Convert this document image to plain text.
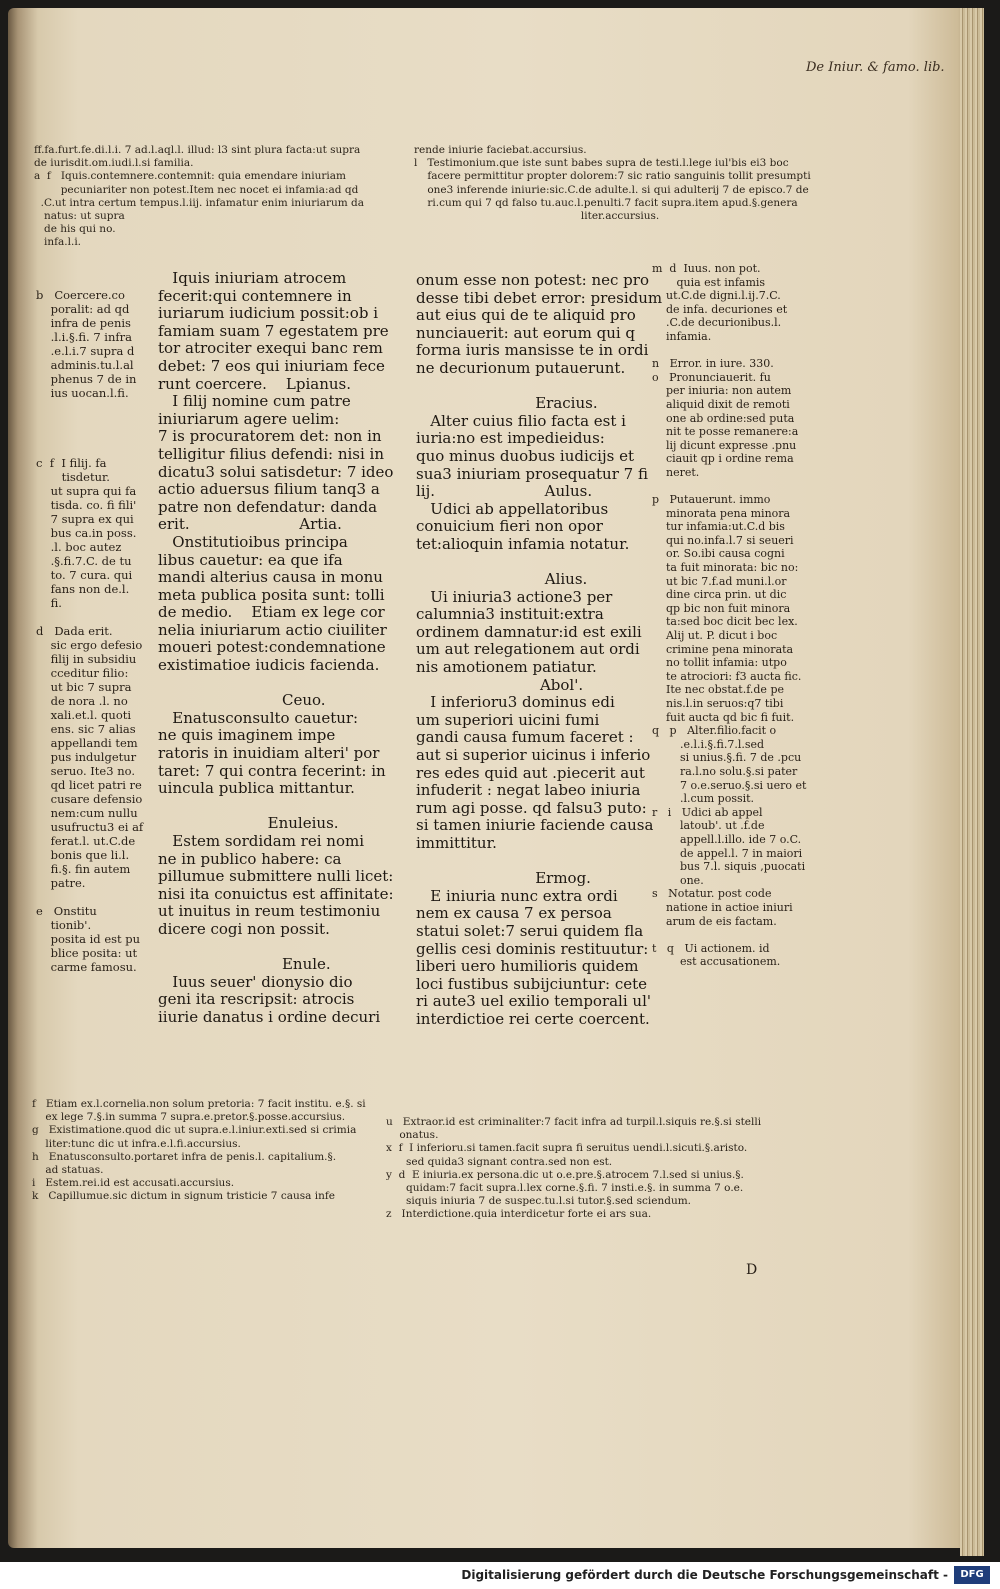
De Iniur. & famo. lib.
ff.fa.furt.fe.di.l.i. 7 ad.l.aql.l. illud: l3 sint plura facta:ut supra
de iurisdit.om.iudi.l.si familia.
a  f   Iquis.contemnere.contemnit: quia emendare iniuriam
pecuniariter non potest.Item nec nocet ei infamia:ad qd
.C.ut intra certum tempus.l.iij. infamatur enim iniuriarum da
natus: ut supra
de his qui no.
infa.l.i.
rende iniurie faciebat.accursius.
l   Testimonium.que iste sunt babes supra de testi.l.lege iul'bis ei3 boc
facere permittitur propter dolorem:7 sic ratio sanguinis tollit presumpti
one3 inferende iniurie:sic.C.de adulte.l. si qui adulterij 7 de episco.7 de
ri.cum qui 7 qd falso tu.auc.l.penulti.7 facit supra.item apud.§.genera
liter.accursius.
b   Coercere.co
poralit: ad qd
infra de penis
.l.i.§.fi. 7 infra
.e.l.i.7 supra d
adminis.tu.l.al
phenus 7 de in
ius uocan.l.fi.

c  f  I filij. fa
tisdetur.
ut supra qui fa
tisda. co. fi fili'
7 supra ex qui
bus ca.in poss.
.l. boc autez
.§.fi.7.C. de tu
to. 7 cura. qui
fans non de.l.
fi.

d   Dada erit.
sic ergo defesio
filij in subsidiu
cceditur filio:
ut bic 7 supra
de nora .l. no
xali.et.l. quoti
ens. sic 7 alias
appellandi tem
pus indulgetur
seruo. Ite3 no.
qd licet patri re
cusare defensio
nem:cum nullu
usufructu3 ei af
ferat.l. ut.C.de
bonis que li.l.
fi.§. fin autem
patre.

e   Onstitu
tionib'.
posita id est pu
blice posita: ut
carme famosu.
Iquis iniuriam atrocem
fecerit:qui contemnere in
iuriarum iudicium possit:ob i
famiam suam 7 egestatem pre
tor atrociter exequi banc rem
debet: 7 eos qui iniuriam fece
runt coercere.    Lpianus.
I filij nomine cum patre
iniuriarum agere uelim:
7 is procuratorem det: non in
telligitur filius defendi: nisi in
dicatu3 solui satisdetur: 7 ideo
actio aduersus filium tanq3 a
patre non defendatur: danda
erit.                       Artia.
Onstitutioibus principa
libus cauetur: ea que ifa
mandi alterius causa in monu
meta publica posita sunt: tolli
de medio.    Etiam ex lege cor
nelia iniuriarum actio ciuiliter
moueri potest:condemnatione
existimatioe iudicis facienda.

Ceuo.
Enatusconsulto cauetur:
ne quis imaginem impe
ratoris in inuidiam alteri' por
taret: 7 qui contra fecerint: in
uincula publica mittantur.

Enuleius.
Estem sordidam rei nomi
ne in publico habere: ca
pillumue submittere nulli licet:
nisi ita conuictus est affinitate:
ut inuitus in reum testimoniu
dicere cogi non possit.

Enule.
Iuus seuer' dionysio dio
geni ita rescripsit: atrocis
iiurie danatus i ordine decuri
onum esse non potest: nec pro
desse tibi debet error: presidum
aut eius qui de te aliquid pro
nunciauerit: aut eorum qui q
forma iuris mansisse te in ordi
ne decurionum putauerunt.

Eracius.
Alter cuius filio facta est i
iuria:no est impedieidus:
quo minus duobus iudicijs et
sua3 iniuriam prosequatur 7 fi
lij.                       Aulus.
Udici ab appellatoribus
conuicium fieri non opor
tet:alioquin infamia notatur.

Alius.
Ui iniuria3 actione3 per
calumnia3 instituit:extra
ordinem damnatur:id est exili
um aut relegationem aut ordi
nis amotionem patiatur.
Abol'.
I inferioru3 dominus edi
um superiori uicini fumi
gandi causa fumum faceret :
aut si superior uicinus i inferio
res edes quid aut .piecerit aut
infuderit : negat labeo iniuria
rum agi posse. qd falsu3 puto:
si tamen iniurie faciende causa
immittitur.

Ermog.
E iniuria nunc extra ordi
nem ex causa 7 ex persoa
statui solet:7 serui quidem fla
gellis cesi dominis restituutur:
liberi uero humilioris quidem
loci fustibus subijciuntur: cete
ri aute3 uel exilio temporali ul'
interdictioe rei certe coercent.
m  d  Iuus. non pot.
quia est infamis
ut.C.de digni.l.ij.7.C.
de infa. decuriones et
.C.de decurionibus.l.
infamia.

n   Error. in iure. 330.
o   Pronunciauerit. fu
per iniuria: non autem
aliquid dixit de remoti
one ab ordine:sed puta
nit te posse remanere:a
lij dicunt expresse .pnu
ciauit qp i ordine rema
neret.

p   Putauerunt. immo
minorata pena minora
tur infamia:ut.C.d bis
qui no.infa.l.7 si seueri
or. So.ibi causa cogni
ta fuit minorata: bic no:
ut bic 7.f.ad muni.l.or
dine circa prin. ut dic
qp bic non fuit minora
ta:sed boc dicit bec lex.
Alij ut. P. dicut i boc
crimine pena minorata
no tollit infamia: utpo
te atrociori: f3 aucta fic.
Ite nec obstat.f.de pe
nis.l.in seruos:q7 tibi
fuit aucta qd bic fi fuit.
q   p   Alter.filio.facit o
.e.l.i.§.fi.7.l.sed
si unius.§.fi. 7 de .pcu
ra.l.no solu.§.si pater
7 o.e.seruo.§.si uero et
.l.cum possit.
r   i   Udici ab appel
latoub'. ut .f.de
appell.l.illo. ide 7 o.C.
de appel.l. 7 in maiori
bus 7.l. siquis ,puocati
one.
s   Notatur. post code
natione in actioe iniuri
arum de eis factam.

t   q   Ui actionem. id
est accusationem.
f   Etiam ex.l.cornelia.non solum pretoria: 7 facit institu. e.§. si
ex lege 7.§.in summa 7 supra.e.pretor.§.posse.accursius.
g   Existimatione.quod dic ut supra.e.l.iniur.exti.sed si crimia
liter:tunc dic ut infra.e.l.fi.accursius.
h   Enatusconsulto.portaret infra de penis.l. capitalium.§.
ad statuas.
i   Estem.rei.id est accusati.accursius.
k   Capillumue.sic dictum in signum tristicie 7 causa infe
u   Extraor.id est criminaliter:7 facit infra ad turpil.l.siquis re.§.si stelli
onatus.
x  f  I inferioru.si tamen.facit supra fi seruitus uendi.l.sicuti.§.aristo.
sed quida3 signant contra.sed non est.
y  d  E iniuria.ex persona.dic ut o.e.pre.§.atrocem 7.l.sed si unius.§.
quidam:7 facit supra.l.lex corne.§.fi. 7 insti.e.§. in summa 7 o.e.
siquis iniuria 7 de suspec.tu.l.si tutor.§.sed sciendum.
z   Interdictione.quia interdicetur forte ei ars sua.
D
Digitalisierung gefördert durch die Deutsche Forschungsgemeinschaft -	DFG
